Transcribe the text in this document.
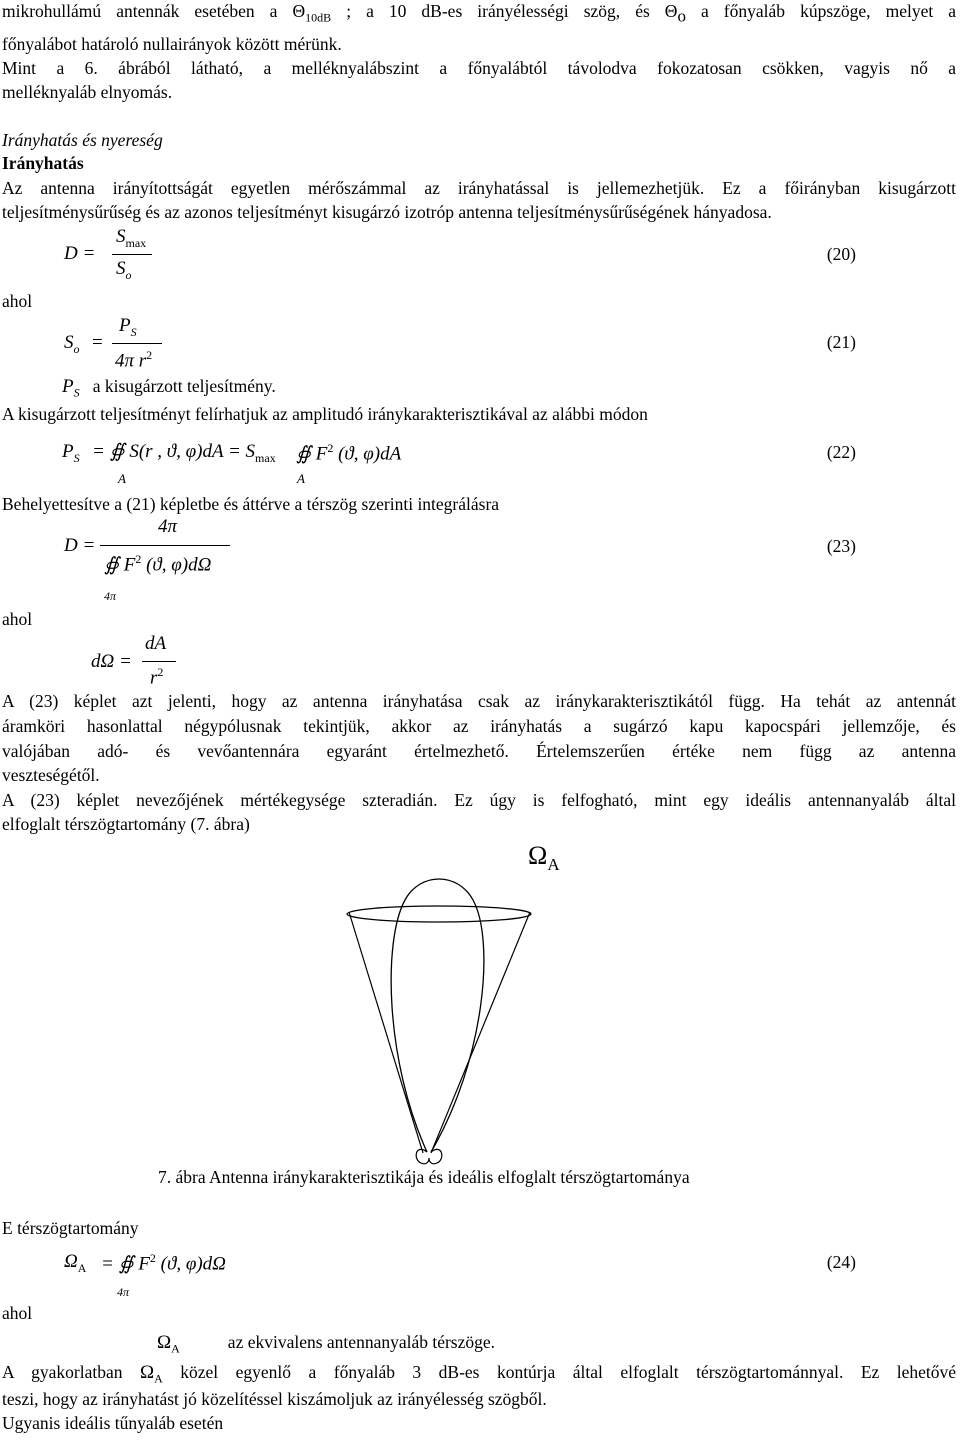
mikrohullámú antennák esetében a $\Theta_{10dB}$ ; a 10 dB-es irányélességi szög, és $\Theta_o$ a főnyaláb kúpszöge, melyet a
főnyalábot határoló nullairányok között mérünk.
Mint a 6. ábrából látható, a melléknyalábszint a főnyalábtól távolodva fokozatosan csökken, vagyis nő a
melléknyaláb elnyomás.
Irányhatás és nyereség
Irányhatás
Az antenna irányítottságát egyetlen mérőszámmal az irányhatással is jellemezhetjük. Ez a főirányban kisugárzott
teljesítménysűrűség és az azonos teljesítményt kisugárzó izotróp antenna teljesítménysűrűségének hányadosa.
D =
$S_{max}$
$S_o$
(20)
ahol
$S_o$ =
$P_S$
4π $r^2$
(21)
$P_S$ a kisugárzott teljesítmény.
A kisugárzott teljesítményt felírhatjuk az amplitudó iránykarakterisztikával az alábbi módon
$P_S$ = ∯ S(r , ϑ, $\varphi)dA = S_{max}$ ∯ $F^2$ (ϑ, φ)dA
A	A
(22)
Behelyettesítve a (21) képletbe és áttérve a térszög szerinti integrálásra
D =
4π
∯ $F^2$ (ϑ, φ)dΩ
4π
(23)
ahol
dΩ =
dA
$r^2$
A (23) képlet azt jelenti, hogy az antenna irányhatása csak az iránykarakterisztikától függ. Ha tehát az antennát
áramköri hasonlattal négypólusnak tekintjük, akkor az irányhatás a sugárzó kapu kapocspári jellemzője, és
valójában adó- és vevőantennára egyaránt értelmezhető. Értelemszerűen értéke nem függ az antenna
veszteségétől.
A (23) képlet nevezőjének mértékegysége szteradián. Ez úgy is felfogható, mint egy ideális antennanyaláb által
elfoglalt térszögtartomány (7. ábra)
$\Omega_A$
7. ábra Antenna iránykarakterisztikája és ideális elfoglalt térszögtartománya
E térszögtartomány
$\Omega_A$ = ∯ $F^2$ (ϑ, φ)dΩ
4π
(24)
ahol
$\Omega_A$	az ekvivalens antennanyaláb térszöge.
A gyakorlatban $\Omega_A$ közel egyenlő a főnyaláb 3 dB-es kontúrja által elfoglalt térszögtartománnyal. Ez lehetővé
teszi, hogy az irányhatást jó közelítéssel kiszámoljuk az irányélesség szögből.
Ugyanis ideális tűnyaláb esetén
